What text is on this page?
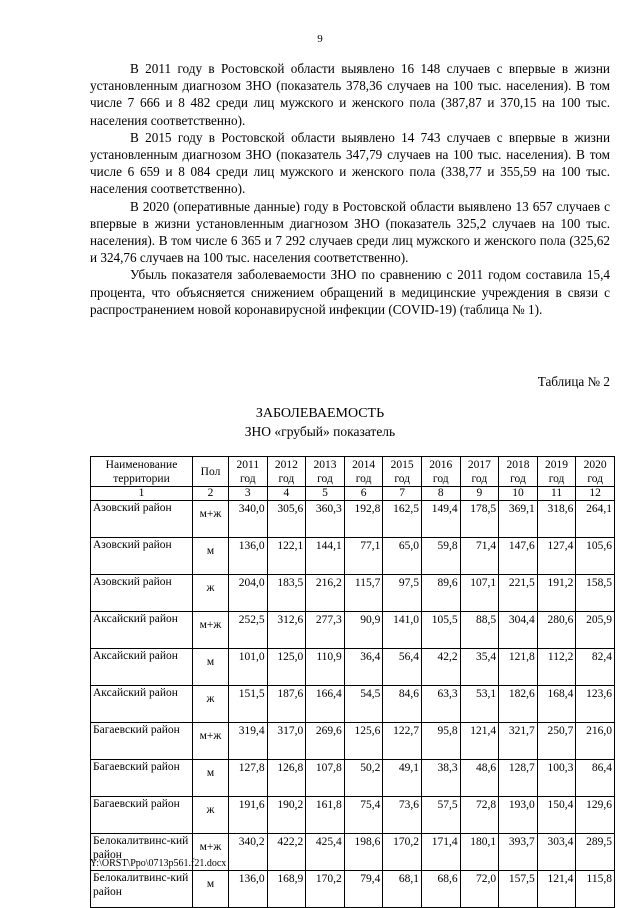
9

В 2011 году в Ростовской области выявлено 16 148 случаев с впервые в жизни установленным диагнозом ЗНО (показатель 378,36 случаев на 100 тыс. населения). В том числе 7 666 и 8 482 среди лиц мужского и женского пола (387,87 и 370,15 на 100 тыс. населения соответственно).

В 2015 году в Ростовской области выявлено 14 743 случаев с впервые в жизни установленным диагнозом ЗНО (показатель 347,79 случаев на 100 тыс. населения). В том числе 6 659 и 8 084 среди лиц мужского и женского пола (338,77 и 355,59 на 100 тыс. населения соответственно).

В 2020 (оперативные данные) году в Ростовской области выявлено 13 657 случаев с впервые в жизни установленным диагнозом ЗНО (показатель 325,2 случаев на 100 тыс. населения). В том числе 6 365 и 7 292 случаев среди лиц мужского и женского пола (325,62 и 324,76 случаев на 100 тыс. населения соответственно).

Убыль показателя заболеваемости ЗНО по сравнению с 2011 годом составила 15,4 процента, что объясняется снижением обращений в медицинские учреждения в связи с распространением новой коронавирусной инфекции (COVID-19) (таблица № 1).

Таблица № 2
ЗАБОЛЕВАЕМОСТЬ
ЗНО «грубый» показатель
Наименование территории	Пол	2011 год	2012 год	2013 год	2014 год	2015 год	2016 год	2017 год	2018 год	2019 год	2020 год
1	2	3	4	5	6	7	8	9	10	11	12
Азовский район	м+ж	340,0	305,6	360,3	192,8	162,5	149,4	178,5	369,1	318,6	264,1
Азовский район	м	136,0	122,1	144,1	77,1	65,0	59,8	71,4	147,6	127,4	105,6
Азовский район	ж	204,0	183,5	216,2	115,7	97,5	89,6	107,1	221,5	191,2	158,5
Аксайский район	м+ж	252,5	312,6	277,3	90,9	141,0	105,5	88,5	304,4	280,6	205,9
Аксайский район	м	101,0	125,0	110,9	36,4	56,4	42,2	35,4	121,8	112,2	82,4
Аксайский район	ж	151,5	187,6	166,4	54,5	84,6	63,3	53,1	182,6	168,4	123,6
Багаевский район	м+ж	319,4	317,0	269,6	125,6	122,7	95,8	121,4	321,7	250,7	216,0
Багаевский район	м	127,8	126,8	107,8	50,2	49,1	38,3	48,6	128,7	100,3	86,4
Багаевский район	ж	191,6	190,2	161,8	75,4	73,6	57,5	72,8	193,0	150,4	129,6
Белокалитвинс-кий район	м+ж	340,2	422,2	425,4	198,6	170,2	171,4	180,1	393,7	303,4	289,5
Белокалитвинс-кий район	м	136,0	168,9	170,2	79,4	68,1	68,6	72,0	157,5	121,4	115,8
Y:\ORST\Ppo\0713p561.f21.docx
